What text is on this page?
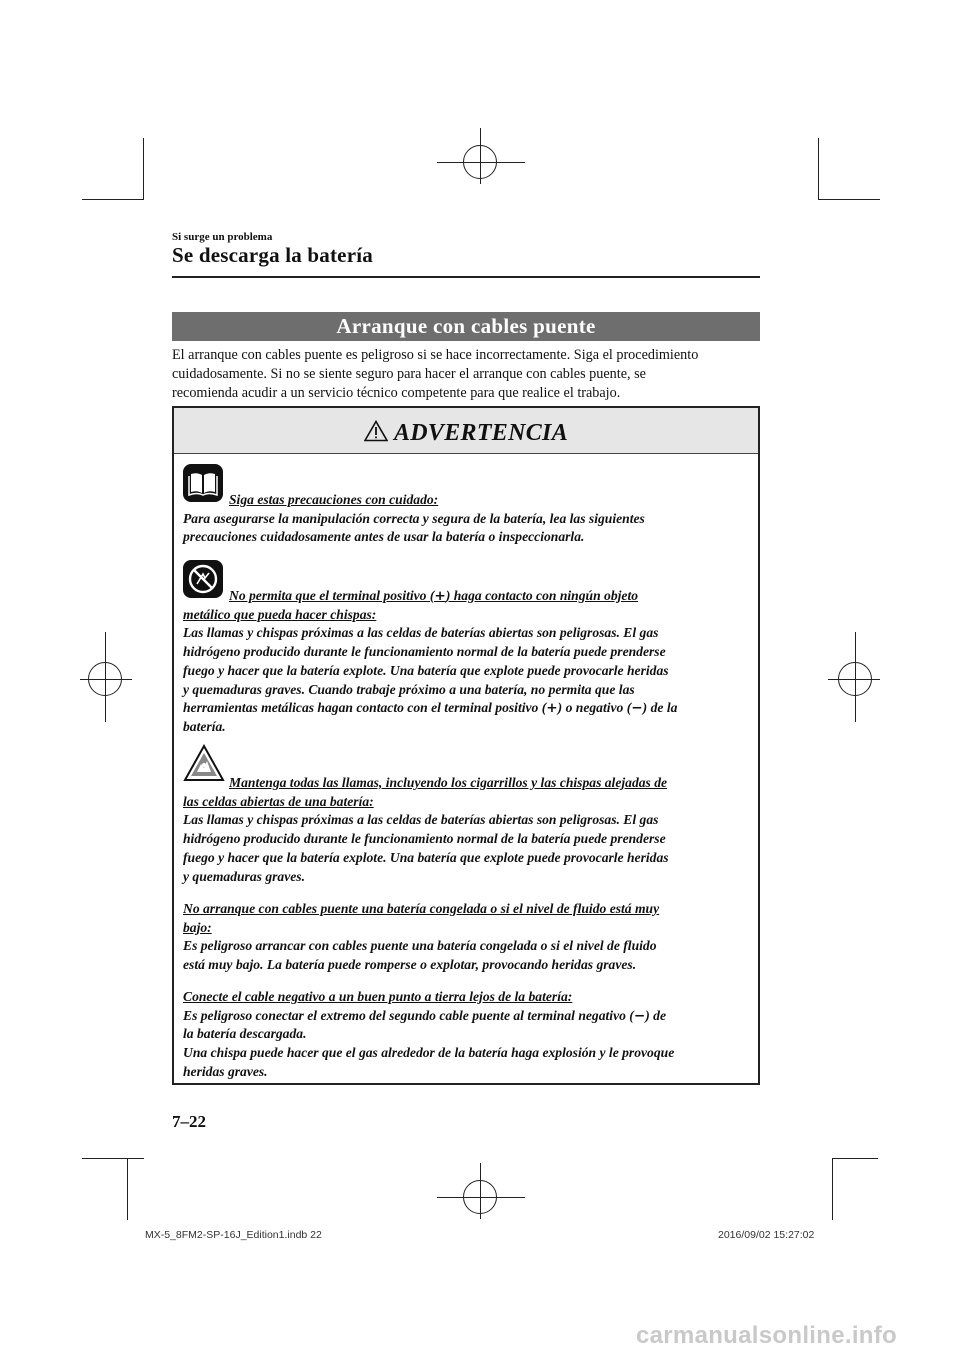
Si surge un problema
Se descarga la batería
Arranque con cables puente
El arranque con cables puente es peligroso si se hace incorrectamente. Siga el procedimiento
cuidadosamente. Si no se siente seguro para hacer el arranque con cables puente, se
recomienda acudir a un servicio técnico competente para que realice el trabajo.
ADVERTENCIA
Siga estas precauciones con cuidado:
Para asegurarse la manipulación correcta y segura de la batería, lea las siguientes
precauciones cuidadosamente antes de usar la batería o inspeccionarla.
No permita que el terminal positivo (+) haga contacto con ningún objeto
metálico que pueda hacer chispas:
Las llamas y chispas próximas a las celdas de baterías abiertas son peligrosas. El gas
hidrógeno producido durante le funcionamiento normal de la batería puede prenderse
fuego y hacer que la batería explote. Una batería que explote puede provocarle heridas
y quemaduras graves. Cuando trabaje próximo a una batería, no permita que las
herramientas metálicas hagan contacto con el terminal positivo (+) o negativo (−) de la
batería.
Mantenga todas las llamas, incluyendo los cigarrillos y las chispas alejadas de
las celdas abiertas de una batería:
Las llamas y chispas próximas a las celdas de baterías abiertas son peligrosas. El gas
hidrógeno producido durante le funcionamiento normal de la batería puede prenderse
fuego y hacer que la batería explote. Una batería que explote puede provocarle heridas
y quemaduras graves.
No arranque con cables puente una batería congelada o si el nivel de fluido está muy
bajo:
Es peligroso arrancar con cables puente una batería congelada o si el nivel de fluido
está muy bajo. La batería puede romperse o explotar, provocando heridas graves.
Conecte el cable negativo a un buen punto a tierra lejos de la batería:
Es peligroso conectar el extremo del segundo cable puente al terminal negativo (−) de
la batería descargada.
Una chispa puede hacer que el gas alrededor de la batería haga explosión y le provoque
heridas graves.
7–22
MX-5_8FM2-SP-16J_Edition1.indb 22	2016/09/02 15:27:02
carmanualsonline.info
